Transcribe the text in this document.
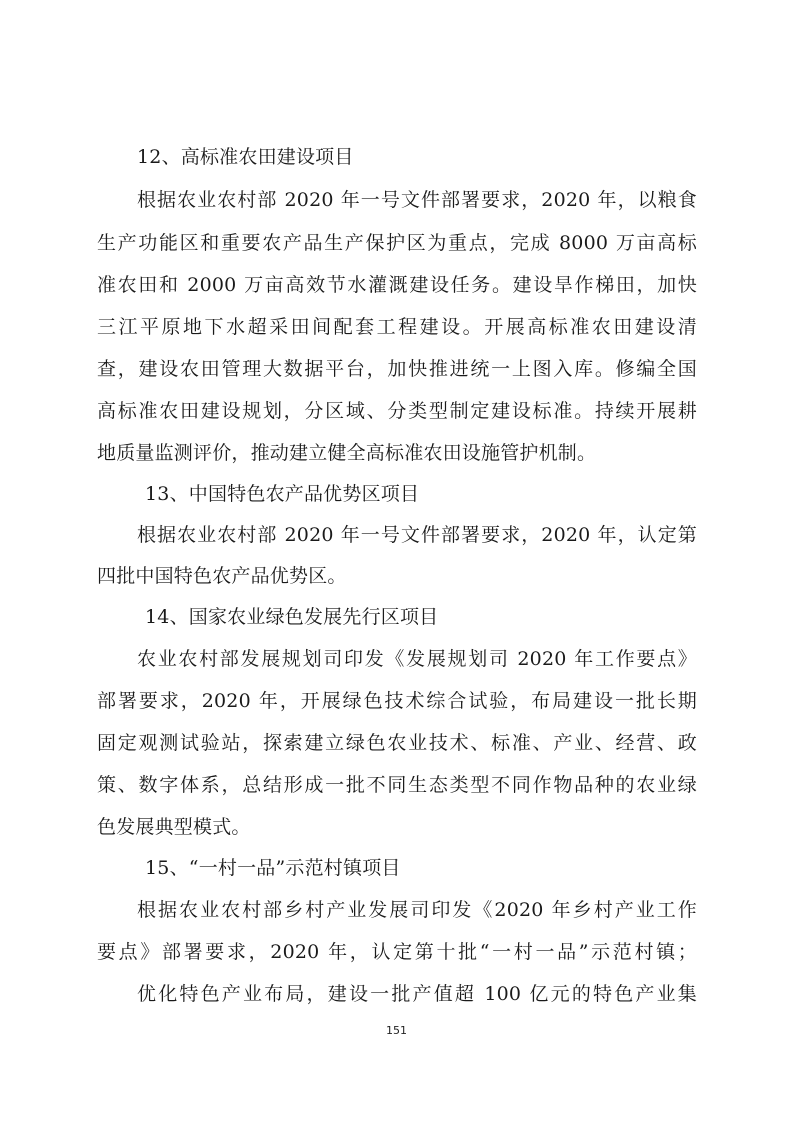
12、高标准农田建设项目
根据农业农村部 2020 年一号文件部署要求，2020 年，以粮食
生产功能区和重要农产品生产保护区为重点，完成 8000 万亩高标
准农田和 2000 万亩高效节水灌溉建设任务。建设旱作梯田，加快
三江平原地下水超采田间配套工程建设。开展高标准农田建设清
查，建设农田管理大数据平台，加快推进统一上图入库。修编全国
高标准农田建设规划，分区域、分类型制定建设标准。持续开展耕
地质量监测评价，推动建立健全高标准农田设施管护机制。
13、中国特色农产品优势区项目
根据农业农村部 2020 年一号文件部署要求，2020 年，认定第
四批中国特色农产品优势区。
14、国家农业绿色发展先行区项目
农业农村部发展规划司印发《发展规划司 2020 年工作要点》
部署要求，2020 年，开展绿色技术综合试验，布局建设一批长期
固定观测试验站，探索建立绿色农业技术、标准、产业、经营、政
策、数字体系，总结形成一批不同生态类型不同作物品种的农业绿
色发展典型模式。
15、“一村一品”示范村镇项目
根据农业农村部乡村产业发展司印发《2020 年乡村产业工作
要点》部署要求，2020 年，认定第十批“一村一品”示范村镇；
优化特色产业布局，建设一批产值超 100 亿元的特色产业集
151
